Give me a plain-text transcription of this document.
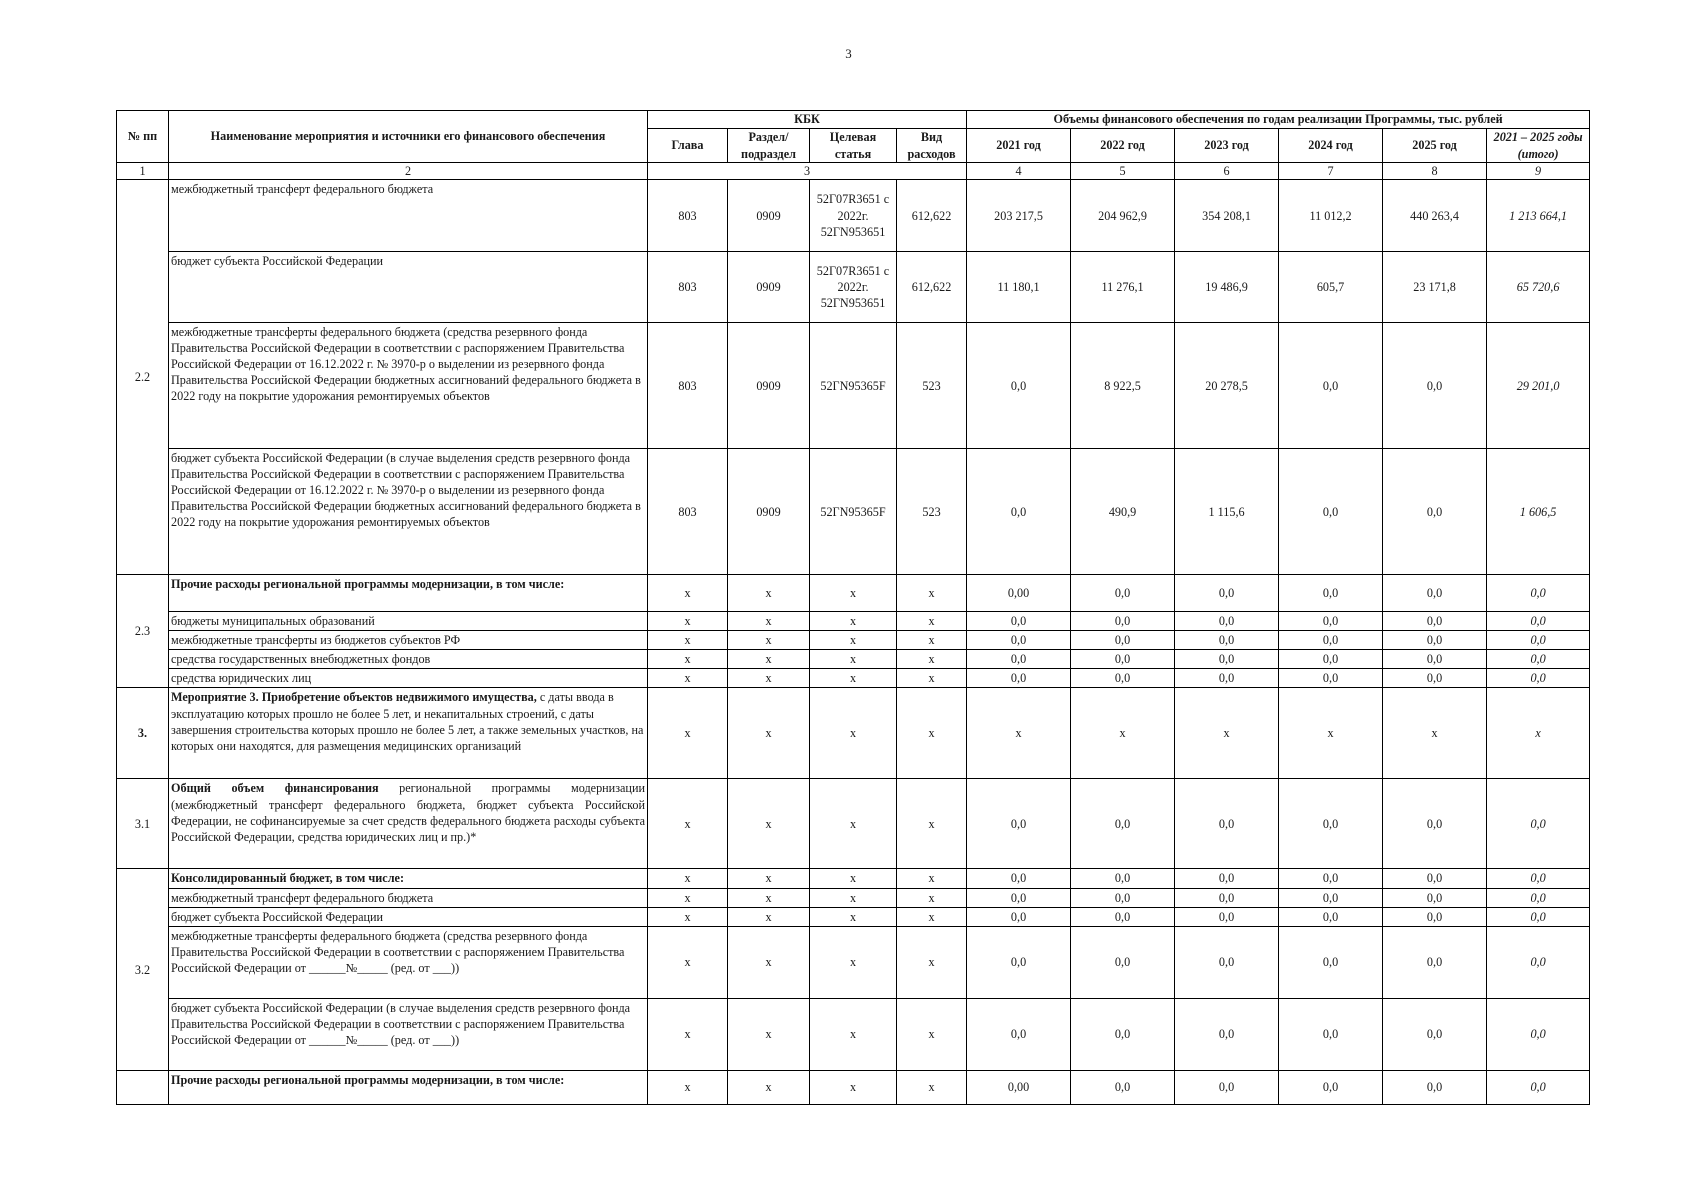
3
№ пп	Наименование мероприятия и источники его финансового обеспечения	КБК				Объемы финансового обеспечения по годам реализации Программы, тыс. рублей					
		Глава	Раздел/ подраздел	Целевая статья	Вид расходов	2021 год	2022 год	2023 год	2024 год	2025 год	2021 – 2025 годы (итого)
1	2	3				4	5	6	7	8	9
2.2	межбюджетный трансферт федерального бюджета	803	0909	52Г07R3651 с 2022г. 52ГN953651	612,622	203 217,5	204 962,9	354 208,1	11 012,2	440 263,4	1 213 664,1
	бюджет субъекта Российской Федерации	803	0909	52Г07R3651 с 2022г. 52ГN953651	612,622	11 180,1	11 276,1	19 486,9	605,7	23 171,8	65 720,6
	межбюджетные трансферты федерального бюджета (средства резервного фонда Правительства Российской Федерации в соответствии с распоряжением Правительства Российской Федерации от 16.12.2022 г. № 3970-р о выделении из резервного фонда Правительства Российской Федерации бюджетных ассигнований федерального бюджета в 2022 году на покрытие удорожания ремонтируемых объектов	803	0909	52ГN95365F	523	0,0	8 922,5	20 278,5	0,0	0,0	29 201,0
	бюджет субъекта Российской Федерации (в случае выделения средств резервного фонда Правительства Российской Федерации в соответствии с распоряжением Правительства Российской Федерации от 16.12.2022 г. № 3970-р о выделении из резервного фонда Правительства Российской Федерации бюджетных ассигнований федерального бюджета в 2022 году на покрытие удорожания ремонтируемых объектов	803	0909	52ГN95365F	523	0,0	490,9	1 115,6	0,0	0,0	1 606,5
2.3	Прочие расходы региональной программы модернизации, в том числе:	х	х	х	х	0,00	0,0	0,0	0,0	0,0	0,0
	бюджеты муниципальных образований	х	х	х	х	0,0	0,0	0,0	0,0	0,0	0,0
	межбюджетные трансферты из бюджетов субъектов РФ	х	х	х	х	0,0	0,0	0,0	0,0	0,0	0,0
	средства государственных внебюджетных фондов	х	х	х	х	0,0	0,0	0,0	0,0	0,0	0,0
	средства юридических лиц	х	х	х	х	0,0	0,0	0,0	0,0	0,0	0,0
3.	Мероприятие 3. Приобретение объектов недвижимого имущества, с даты ввода в эксплуатацию которых прошло не более 5 лет, и некапитальных строений, с даты завершения строительства которых прошло не более 5 лет, а также земельных участков, на которых они находятся, для размещения медицинских организаций	х	х	х	х	х	х	х	х	х	х
3.1	Общий объем финансирования региональной программы модернизации (межбюджетный трансферт федерального бюджета, бюджет субъекта Российской Федерации, не софинансируемые за счет средств федерального бюджета расходы субъекта Российской Федерации, средства юридических лиц и пр.)*	х	х	х	х	0,0	0,0	0,0	0,0	0,0	0,0
3.2	Консолидированный бюджет, в том числе:	х	х	х	х	0,0	0,0	0,0	0,0	0,0	0,0
	межбюджетный трансферт федерального бюджета	х	х	х	х	0,0	0,0	0,0	0,0	0,0	0,0
	бюджет субъекта Российской Федерации	х	х	х	х	0,0	0,0	0,0	0,0	0,0	0,0
	межбюджетные трансферты федерального бюджета (средства резервного фонда Правительства Российской Федерации в соответствии с распоряжением Правительства Российской Федерации от ______№_____ (ред. от ___))	х	х	х	х	0,0	0,0	0,0	0,0	0,0	0,0
	бюджет субъекта Российской Федерации (в случае выделения средств резервного фонда Правительства Российской Федерации в соответствии с распоряжением Правительства Российской Федерации от ______№_____ (ред. от ___))	х	х	х	х	0,0	0,0	0,0	0,0	0,0	0,0
	Прочие расходы региональной программы модернизации, в том числе:	х	х	х	х	0,00	0,0	0,0	0,0	0,0	0,0
